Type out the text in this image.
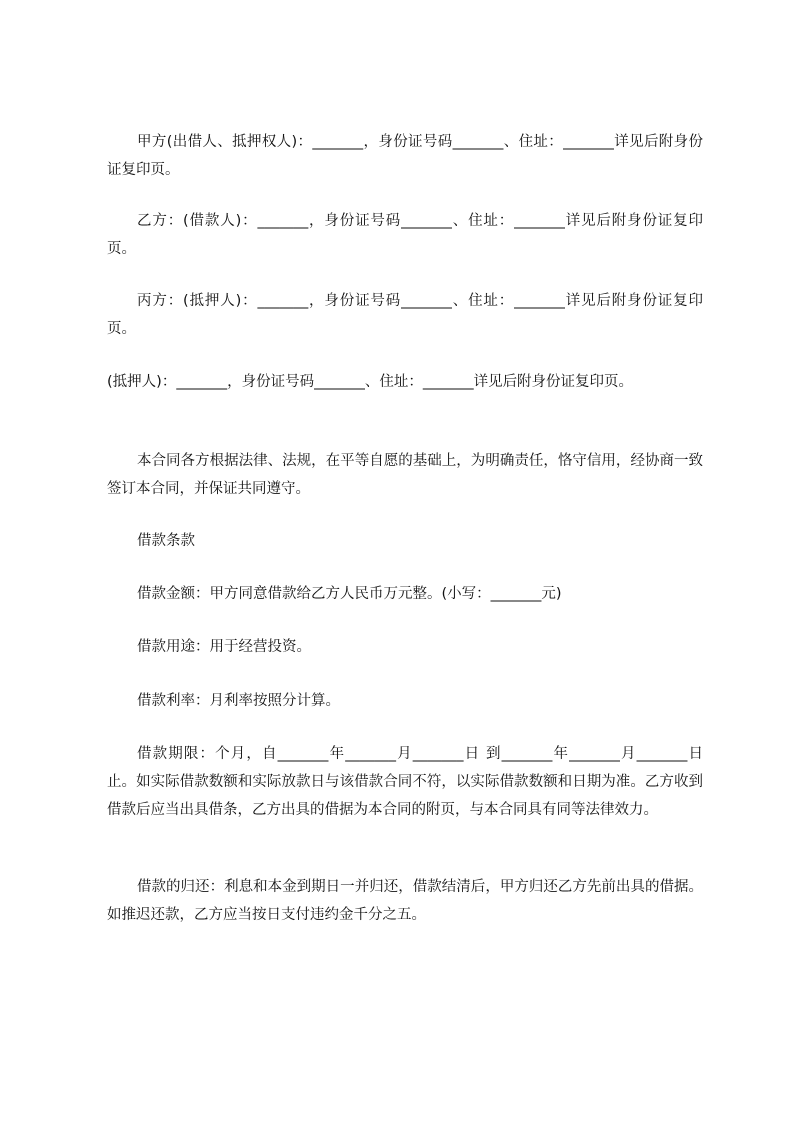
甲方(出借人、抵押权人)：_______，身份证号码_______、住址：_______详见后附身份证复印页。

乙方：(借款人)：_______，身份证号码_______、住址：_______详见后附身份证复印页。

丙方：(抵押人)：_______，身份证号码_______、住址：_______详见后附身份证复印页。

(抵押人)：_______，身份证号码_______、住址：_______详见后附身份证复印页。

本合同各方根据法律、法规，在平等自愿的基础上，为明确责任，恪守信用，经协商一致签订本合同，并保证共同遵守。

借款条款

借款金额：甲方同意借款给乙方人民币万元整。(小写：_______元)

借款用途：用于经营投资。

借款利率：月利率按照分计算。

借款期限：个月，自_______年_______月_______日 到_______年_______月_______日 止。如实际借款数额和实际放款日与该借款合同不符，以实际借款数额和日期为准。乙方收到借款后应当出具借条，乙方出具的借据为本合同的附页，与本合同具有同等法律效力。

借款的归还：利息和本金到期日一并归还，借款结清后，甲方归还乙方先前出具的借据。如推迟还款，乙方应当按日支付违约金千分之五。
